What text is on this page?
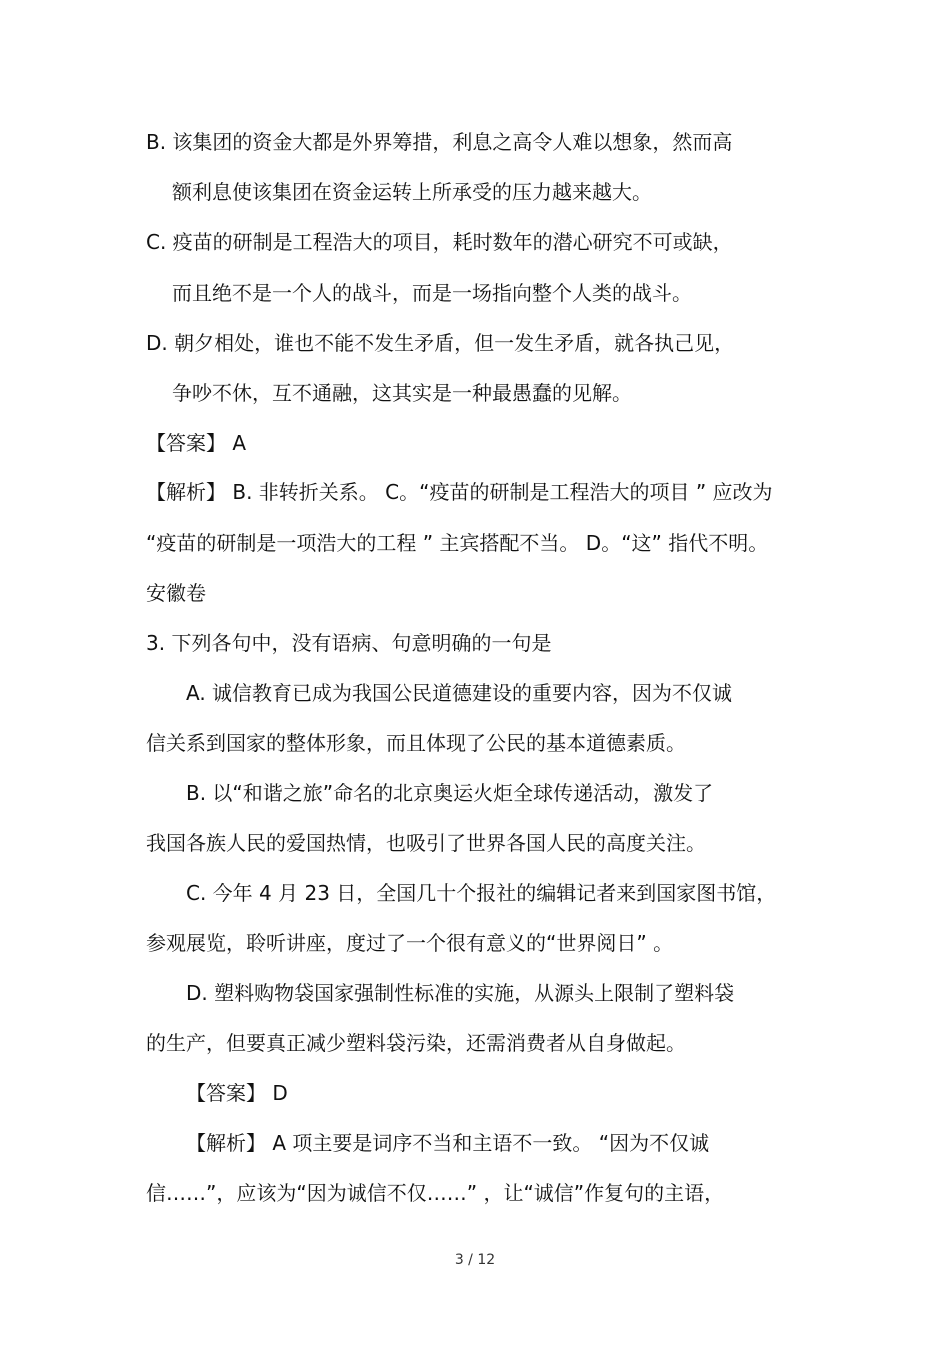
B. 该集团的资金大都是外界筹措，利息之高令人难以想象，然而高

额利息使该集团在资金运转上所承受的压力越来越大。

C. 疫苗的研制是工程浩大的项目，耗时数年的潜心研究不可或缺，

而且绝不是一个人的战斗，而是一场指向整个人类的战斗。

D. 朝夕相处，谁也不能不发生矛盾，但一发生矛盾，就各执己见，

争吵不休，互不通融，这其实是一种最愚蠢的见解。

【答案】 A

【解析】 B. 非转折关系。 C。“疫苗的研制是工程浩大的项目 ” 应改为

“疫苗的研制是一项浩大的工程 ” 主宾搭配不当。 D。“这” 指代不明。

安徽卷

3. 下列各句中，没有语病、句意明确的一句是

A. 诚信教育已成为我国公民道德建设的重要内容，因为不仅诚

信关系到国家的整体形象，而且体现了公民的基本道德素质。

B. 以“和谐之旅”命名的北京奥运火炬全球传递活动，激发了

我国各族人民的爱国热情，也吸引了世界各国人民的高度关注。

C. 今年 4 月 23 日，全国几十个报社的编辑记者来到国家图书馆，

参观展览，聆听讲座，度过了一个很有意义的“世界阅日” 。

D. 塑料购物袋国家强制性标准的实施，从源头上限制了塑料袋

的生产，但要真正减少塑料袋污染，还需消费者从自身做起。

【答案】 D

【解析】 A 项主要是词序不当和主语不一致。 “因为不仅诚

信……”，应该为“因为诚信不仅……” ，让“诚信”作复句的主语，

3 / 12
